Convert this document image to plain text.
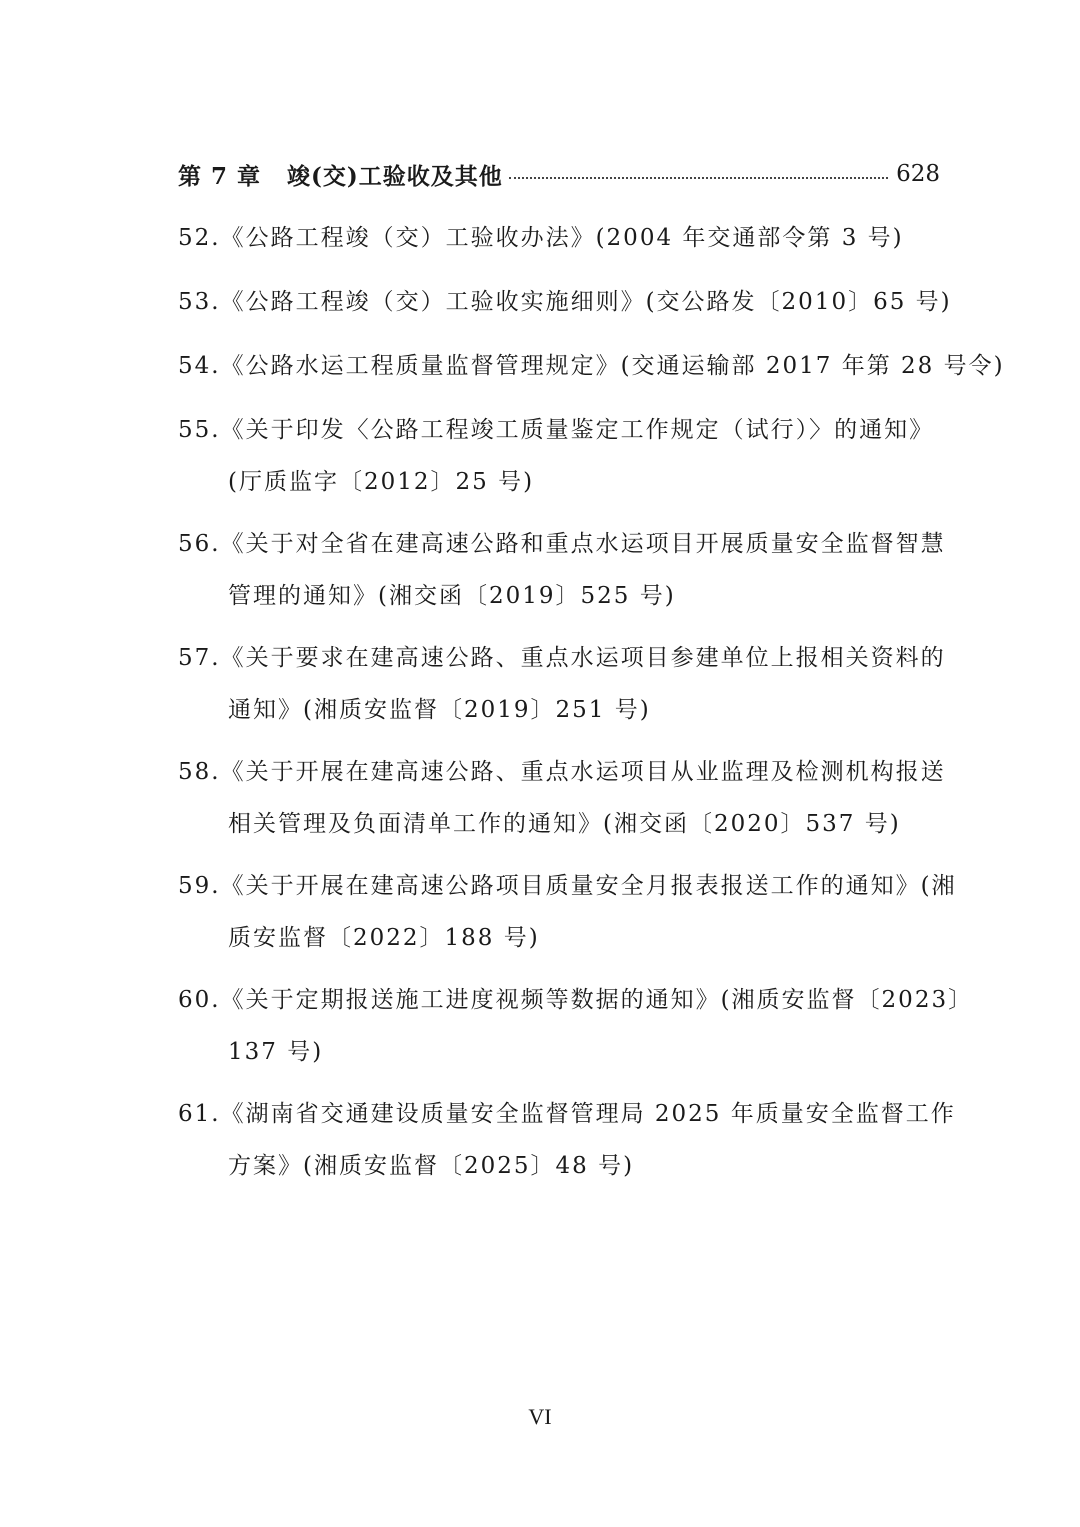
第 7 章 竣(交)工验收及其他	628
52.《公路工程竣（交）工验收办法》(2004 年交通部令第 3 号)
53.《公路工程竣（交）工验收实施细则》(交公路发〔2010〕65 号)
54.《公路水运工程质量监督管理规定》(交通运输部 2017 年第 28 号令)
55.《关于印发〈公路工程竣工质量鉴定工作规定（试行）〉的通知》
(厅质监字〔2012〕25 号)
56.《关于对全省在建高速公路和重点水运项目开展质量安全监督智慧
管理的通知》(湘交函〔2019〕525 号)
57.《关于要求在建高速公路、重点水运项目参建单位上报相关资料的
通知》(湘质安监督〔2019〕251 号)
58.《关于开展在建高速公路、重点水运项目从业监理及检测机构报送
相关管理及负面清单工作的通知》(湘交函〔2020〕537 号)
59.《关于开展在建高速公路项目质量安全月报表报送工作的通知》(湘
质安监督〔2022〕188 号)
60.《关于定期报送施工进度视频等数据的通知》(湘质安监督〔2023〕
137 号)
61.《湖南省交通建设质量安全监督管理局 2025 年质量安全监督工作
方案》(湘质安监督〔2025〕48 号)
VI
